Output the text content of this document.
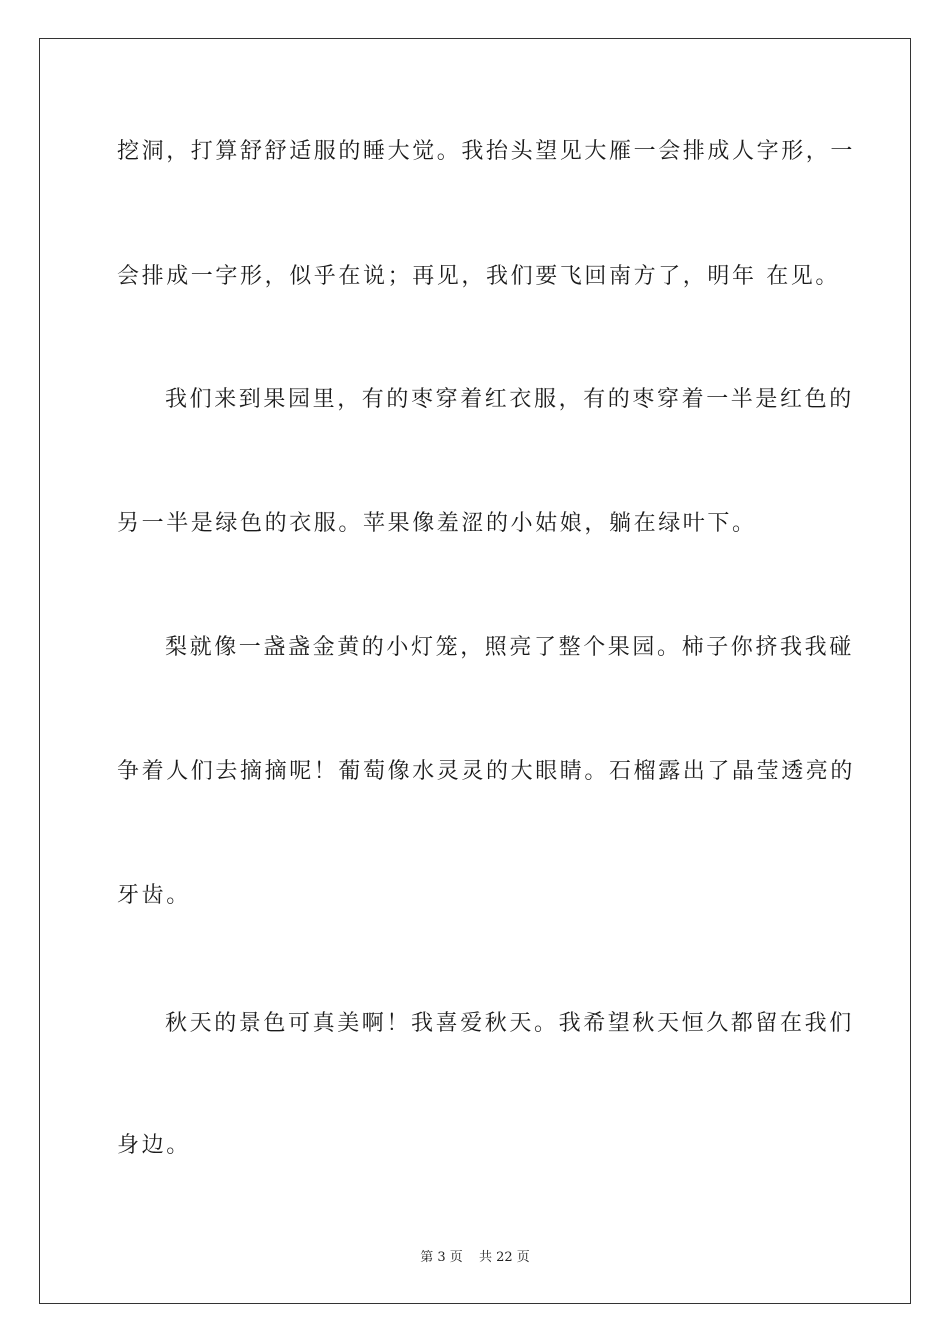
挖洞，打算舒舒适服的睡大觉。我抬头望见大雁一会排成人字形，一
会排成一字形，似乎在说；再见，我们要飞回南方了，明年 在见。
我们来到果园里，有的枣穿着红衣服，有的枣穿着一半是红色的
另一半是绿色的衣服。苹果像羞涩的小姑娘，躺在绿叶下。
梨就像一盏盏金黄的小灯笼，照亮了整个果园。柿子你挤我我碰
争着人们去摘摘呢！葡萄像水灵灵的大眼睛。石榴露出了晶莹透亮的
牙齿。
秋天的景色可真美啊！我喜爱秋天。我希望秋天恒久都留在我们
身边。
第 3 页 共 22 页
